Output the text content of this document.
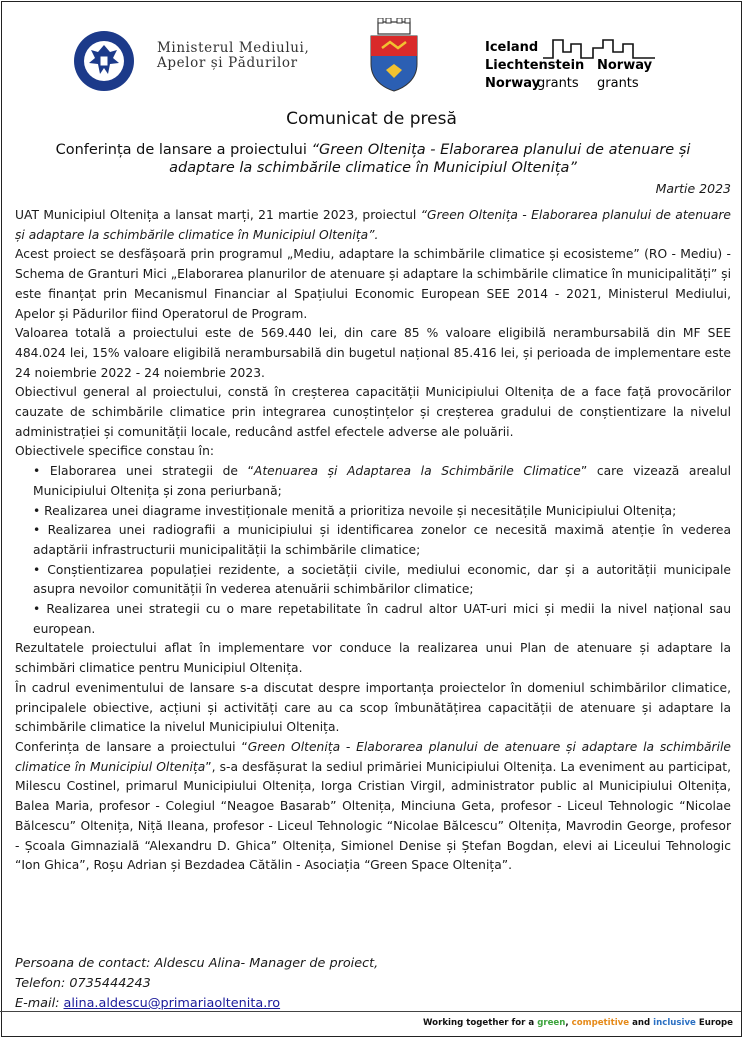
Ministerul Mediului,
Apelor și Pădurilor
Iceland
Liechtenstein
Norway
grants
Norway
grants
Comunicat de presă
Conferința de lansare a proiectului “Green Oltenița - Elaborarea planului de atenuare și adaptare la schimbările climatice în Municipiul Oltenița”
Martie 2023

UAT Municipiul Oltenița a lansat marți, 21 martie 2023, proiectul “Green Oltenița - Elaborarea planului de atenuare și adaptare la schimbările climatice în Municipiul Oltenița”.

Acest proiect se desfășoară prin programul „Mediu, adaptare la schimbările climatice și ecosisteme” (RO - Mediu) - Schema de Granturi Mici „Elaborarea planurilor de atenuare și adaptare la schimbările climatice în municipalități” și este finanțat prin Mecanismul Financiar al Spațiului Economic European SEE 2014 - 2021, Ministerul Mediului, Apelor și Pădurilor fiind Operatorul de Program.

Valoarea totală a proiectului este de 569.440 lei, din care 85 % valoare eligibilă nerambursabilă din MF SEE 484.024 lei, 15% valoare eligibilă nerambursabilă din bugetul național 85.416 lei, și perioada de implementare este 24 noiembrie 2022 - 24 noiembrie 2023.

Obiectivul general al proiectului, constă în creșterea capacității Municipiului Oltenița de a face față provocărilor cauzate de schimbările climatice prin integrarea cunoștințelor și creșterea gradului de conștientizare la nivelul administrației și comunității locale, reducând astfel efectele adverse ale poluării.

Obiectivele specifice constau în:

• Elaborarea unei strategii de “Atenuarea și Adaptarea la Schimbările Climatice” care vizează arealul Municipiului Oltenița și zona periurbană;

• Realizarea unei diagrame investiționale menită a prioritiza nevoile și necesitățile Municipiului Oltenița;

• Realizarea unei radiografii a municipiului și identificarea zonelor ce necesită maximă atenție în vederea adaptării infrastructurii municipalității la schimbările climatice;

• Conștientizarea populației rezidente, a societății civile, mediului economic, dar și a autorității municipale asupra nevoilor comunității în vederea atenuării schimbărilor climatice;

• Realizarea unei strategii cu o mare repetabilitate în cadrul altor UAT-uri mici și medii la nivel național sau european.

Rezultatele proiectului aflat în implementare vor conduce la realizarea unui Plan de atenuare și adaptare la schimbări climatice pentru Municipiul Oltenița.

În cadrul evenimentului de lansare s-a discutat despre importanța proiectelor în domeniul schimbărilor climatice, principalele obiective, acțiuni și activități care au ca scop îmbunătățirea capacității de atenuare și adaptare la schimbările climatice la nivelul Municipiului Oltenița.

Conferința de lansare a proiectului “Green Oltenița - Elaborarea planului de atenuare și adaptare la schimbările climatice în Municipiul Oltenița”, s-a desfășurat la sediul primăriei Municipiului Oltenița. La eveniment au participat, Milescu Costinel, primarul Municipiului Oltenița, Iorga Cristian Virgil, administrator public al Municipiului Oltenița, Balea Maria, profesor - Colegiul “Neagoe Basarab” Oltenița, Minciuna Geta, profesor - Liceul Tehnologic “Nicolae Bălcescu” Oltenița, Niță Ileana, profesor - Liceul Tehnologic “Nicolae Bălcescu” Oltenița, Mavrodin George, profesor - Școala Gimnazială “Alexandru D. Ghica” Oltenița, Simionel Denise și Ștefan Bogdan, elevi ai Liceului Tehnologic “Ion Ghica”, Roșu Adrian și Bezdadea Cătălin - Asociația “Green Space Oltenița”.

Persoana de contact: Aldescu Alina- Manager de proiect,
Telefon: 0735444243
E-mail: alina.aldescu@primariaoltenita.ro
Working together for a green, competitive and inclusive Europe
